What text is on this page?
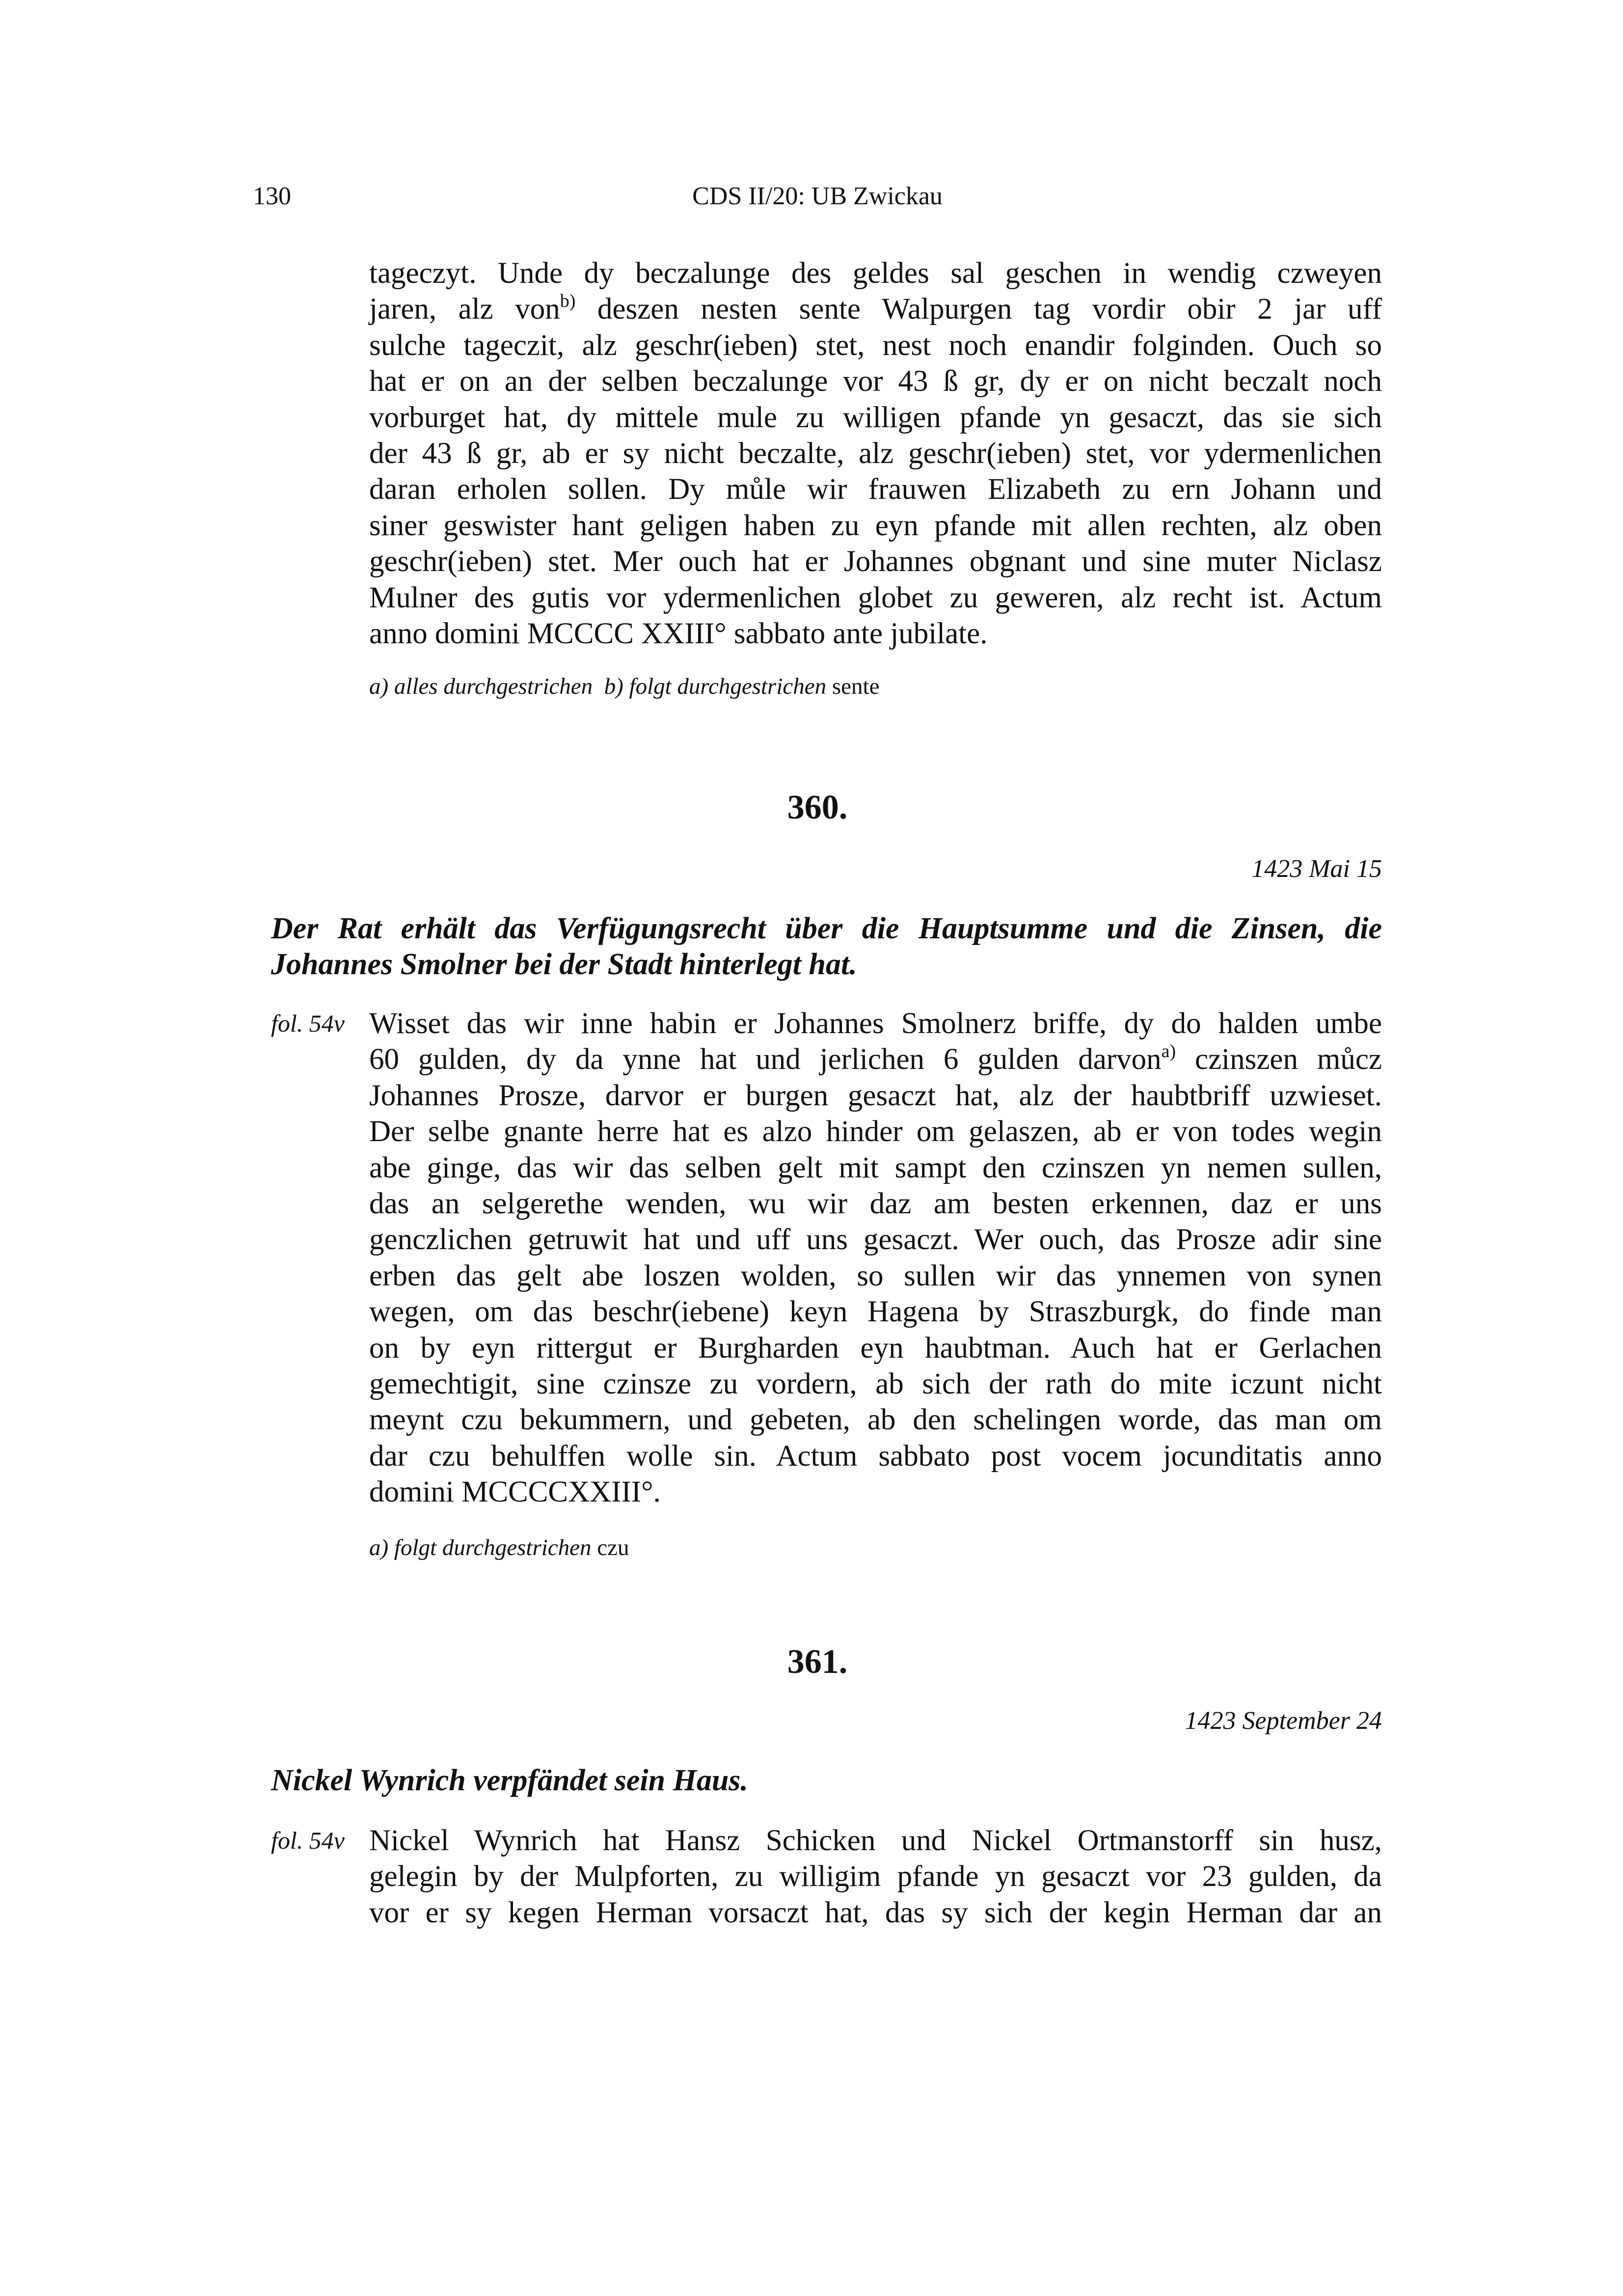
130	CDS II/20: UB Zwickau
tageczyt. Unde dy beczalunge des geldes sal geschen in wendig czweyen
jaren, alz von$^{b)}$ deszen nesten sente Walpurgen tag vordir obir 2 jar uff
sulche tageczit, alz geschr(ieben) stet, nest noch enandir folginden. Ouch so
hat er on an der selben beczalunge vor 43 ß gr, dy er on nicht beczalt noch
vorburget hat, dy mittele mule zu willigen pfande yn gesaczt, das sie sich
der 43 ß gr, ab er sy nicht beczalte, alz geschr(ieben) stet, vor ydermenlichen
daran erholen sollen. Dy můle wir frauwen Elizabeth zu ern Johann und
siner geswister hant geligen haben zu eyn pfande mit allen rechten, alz oben
geschr(ieben) stet. Mer ouch hat er Johannes obgnant und sine muter Niclasz
Mulner des gutis vor ydermenlichen globet zu geweren, alz recht ist. Actum
anno domini MCCCC XXIII° sabbato ante jubilate.
a) alles durchgestrichen b) folgt durchgestrichen sente
360.
1423 Mai 15
Der Rat erhält das Verfügungsrecht über die Hauptsumme und die Zinsen, die
Johannes Smolner bei der Stadt hinterlegt hat.
fol. 54v Wisset das wir inne habin er Johannes Smolnerz briffe, dy do halden umbe
60 gulden, dy da ynne hat und jerlichen 6 gulden darvon$^{a)}$ czinszen můcz
Johannes Prosze, darvor er burgen gesaczt hat, alz der haubtbriff uzwieset.
Der selbe gnante herre hat es alzo hinder om gelaszen, ab er von todes wegin
abe ginge, das wir das selben gelt mit sampt den czinszen yn nemen sullen,
das an selgerethe wenden, wu wir daz am besten erkennen, daz er uns
genczlichen getruwit hat und uff uns gesaczt. Wer ouch, das Prosze adir sine
erben das gelt abe loszen wolden, so sullen wir das ynnemen von synen
wegen, om das beschr(iebene) keyn Hagena by Straszburgk, do finde man
on by eyn rittergut er Burgharden eyn haubtman. Auch hat er Gerlachen
gemechtigit, sine czinsze zu vordern, ab sich der rath do mite iczunt nicht
meynt czu bekummern, und gebeten, ab den schelingen worde, das man om
dar czu behulffen wolle sin. Actum sabbato post vocem jocunditatis anno
domini MCCCCXXIII°.
a) folgt durchgestrichen czu
361.
1423 September 24
Nickel Wynrich verpfändet sein Haus.
fol. 54v Nickel Wynrich hat Hansz Schicken und Nickel Ortmanstorff sin husz,
gelegin by der Mulpforten, zu willigim pfande yn gesaczt vor 23 gulden, da
vor er sy kegen Herman vorsaczt hat, das sy sich der kegin Herman dar an
